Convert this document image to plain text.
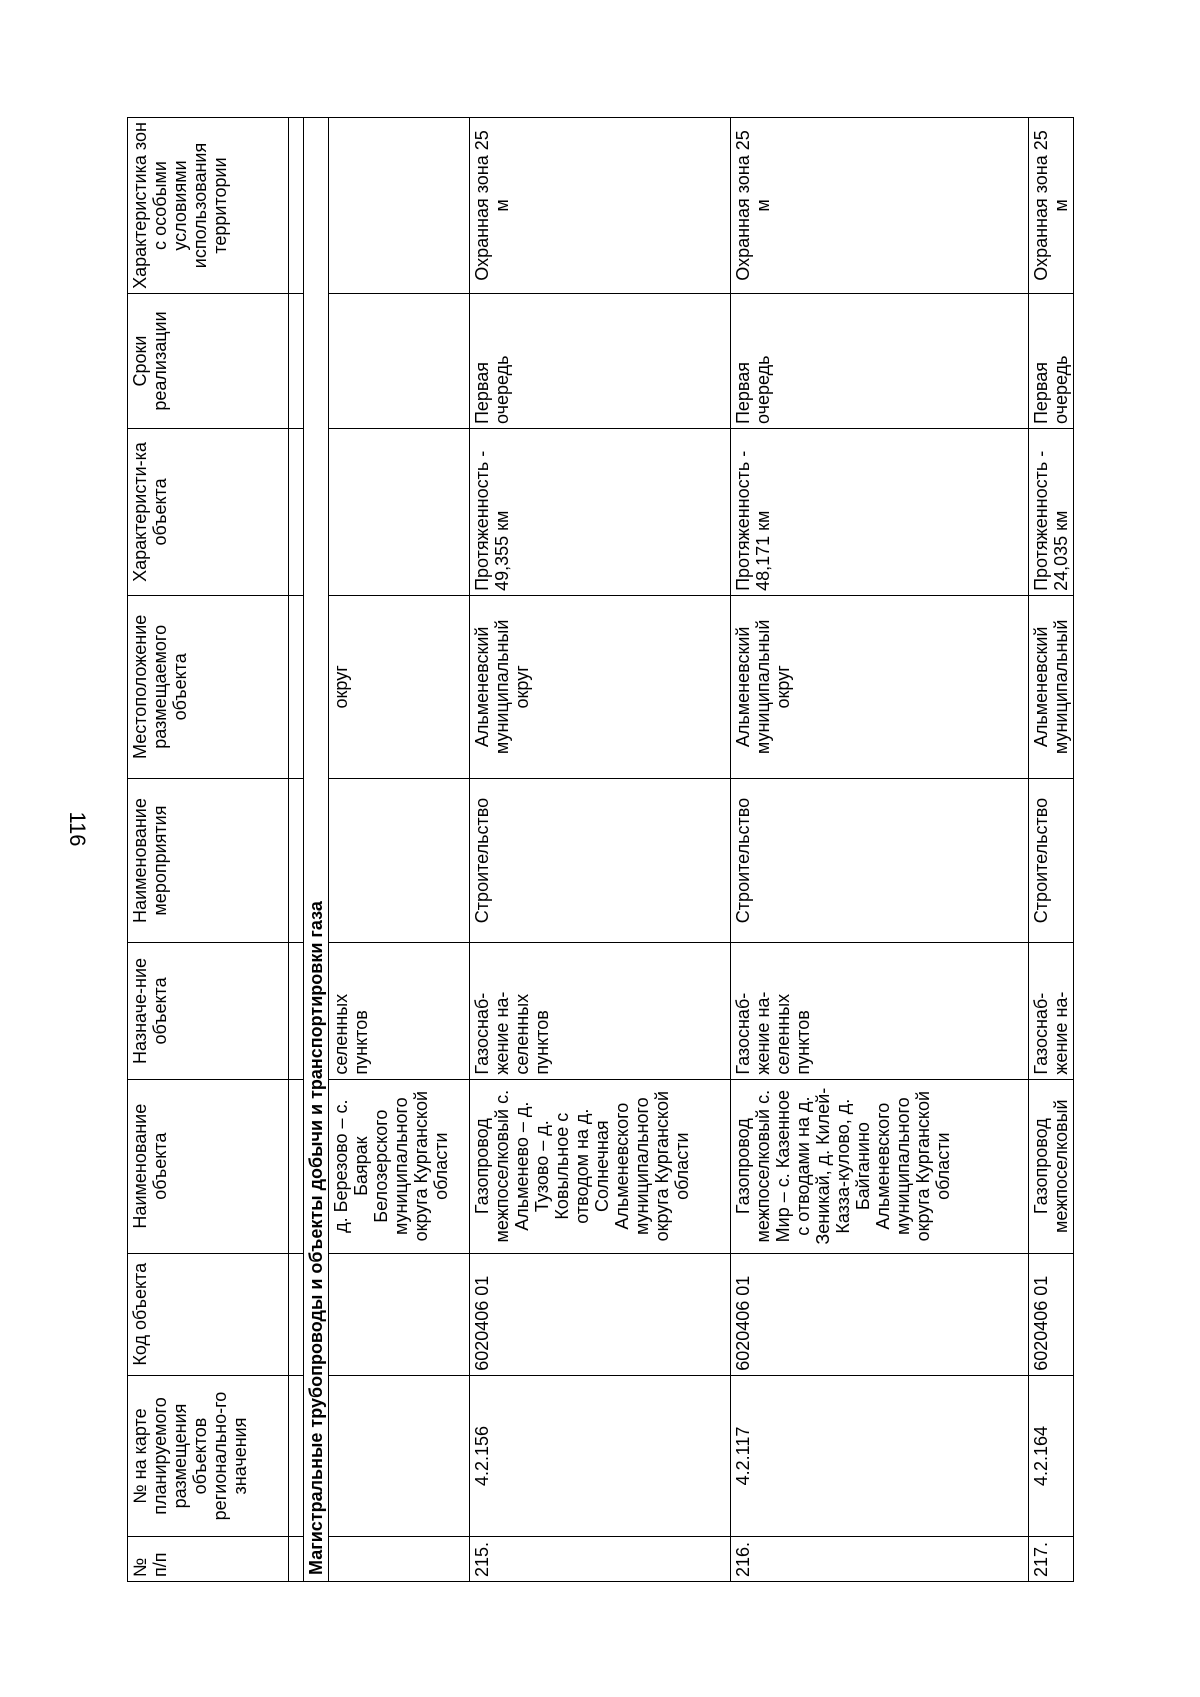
116
№ п/п	№ на карте планируемого размещения объектов регионально-го значения	Код объекта	Наименование объекта	Назначе-ние объекта	Наименование мероприятия	Местоположение размещаемого объекта	Характеристи-ка объекта	Сроки реализации	Характеристика зон с особыми условиями использования территории

Магистральные трубопроводы и объекты добычи и транспортировки газа									
			д. Березово – с. Баярак Белозерского муниципального округа Курганской области	селенных пунктов		округ			
215.	4.2.156	6020406 01	Газопровод межпоселковый с. Альменево – д. Тузово – д. Ковыльное с отводом на д. Солнечная Альменевского муниципального округа Курганской области	Газоснаб-жение на-селенных пунктов	Строительство	Альменевский муниципальный округ	Протяженность - 49,355 км	Первая очередь	Охранная зона 25 м
216.	4.2.117	6020406 01	Газопровод межпоселковый с. Мир – с. Казенное с отводами на д. Зеникай, д. Килей-Казза-кулово, д. Байганино Альменевского муниципального округа Курганской области	Газоснаб-жение на-селенных пунктов	Строительство	Альменевский муниципальный округ	Протяженность - 48,171 км	Первая очередь	Охранная зона 25 м
217.	4.2.164	6020406 01	Газопровод межпоселковый	Газоснаб-жение на-	Строительство	Альменевский муниципальный	Протяженность - 24,035 км	Первая очередь	Охранная зона 25 м
